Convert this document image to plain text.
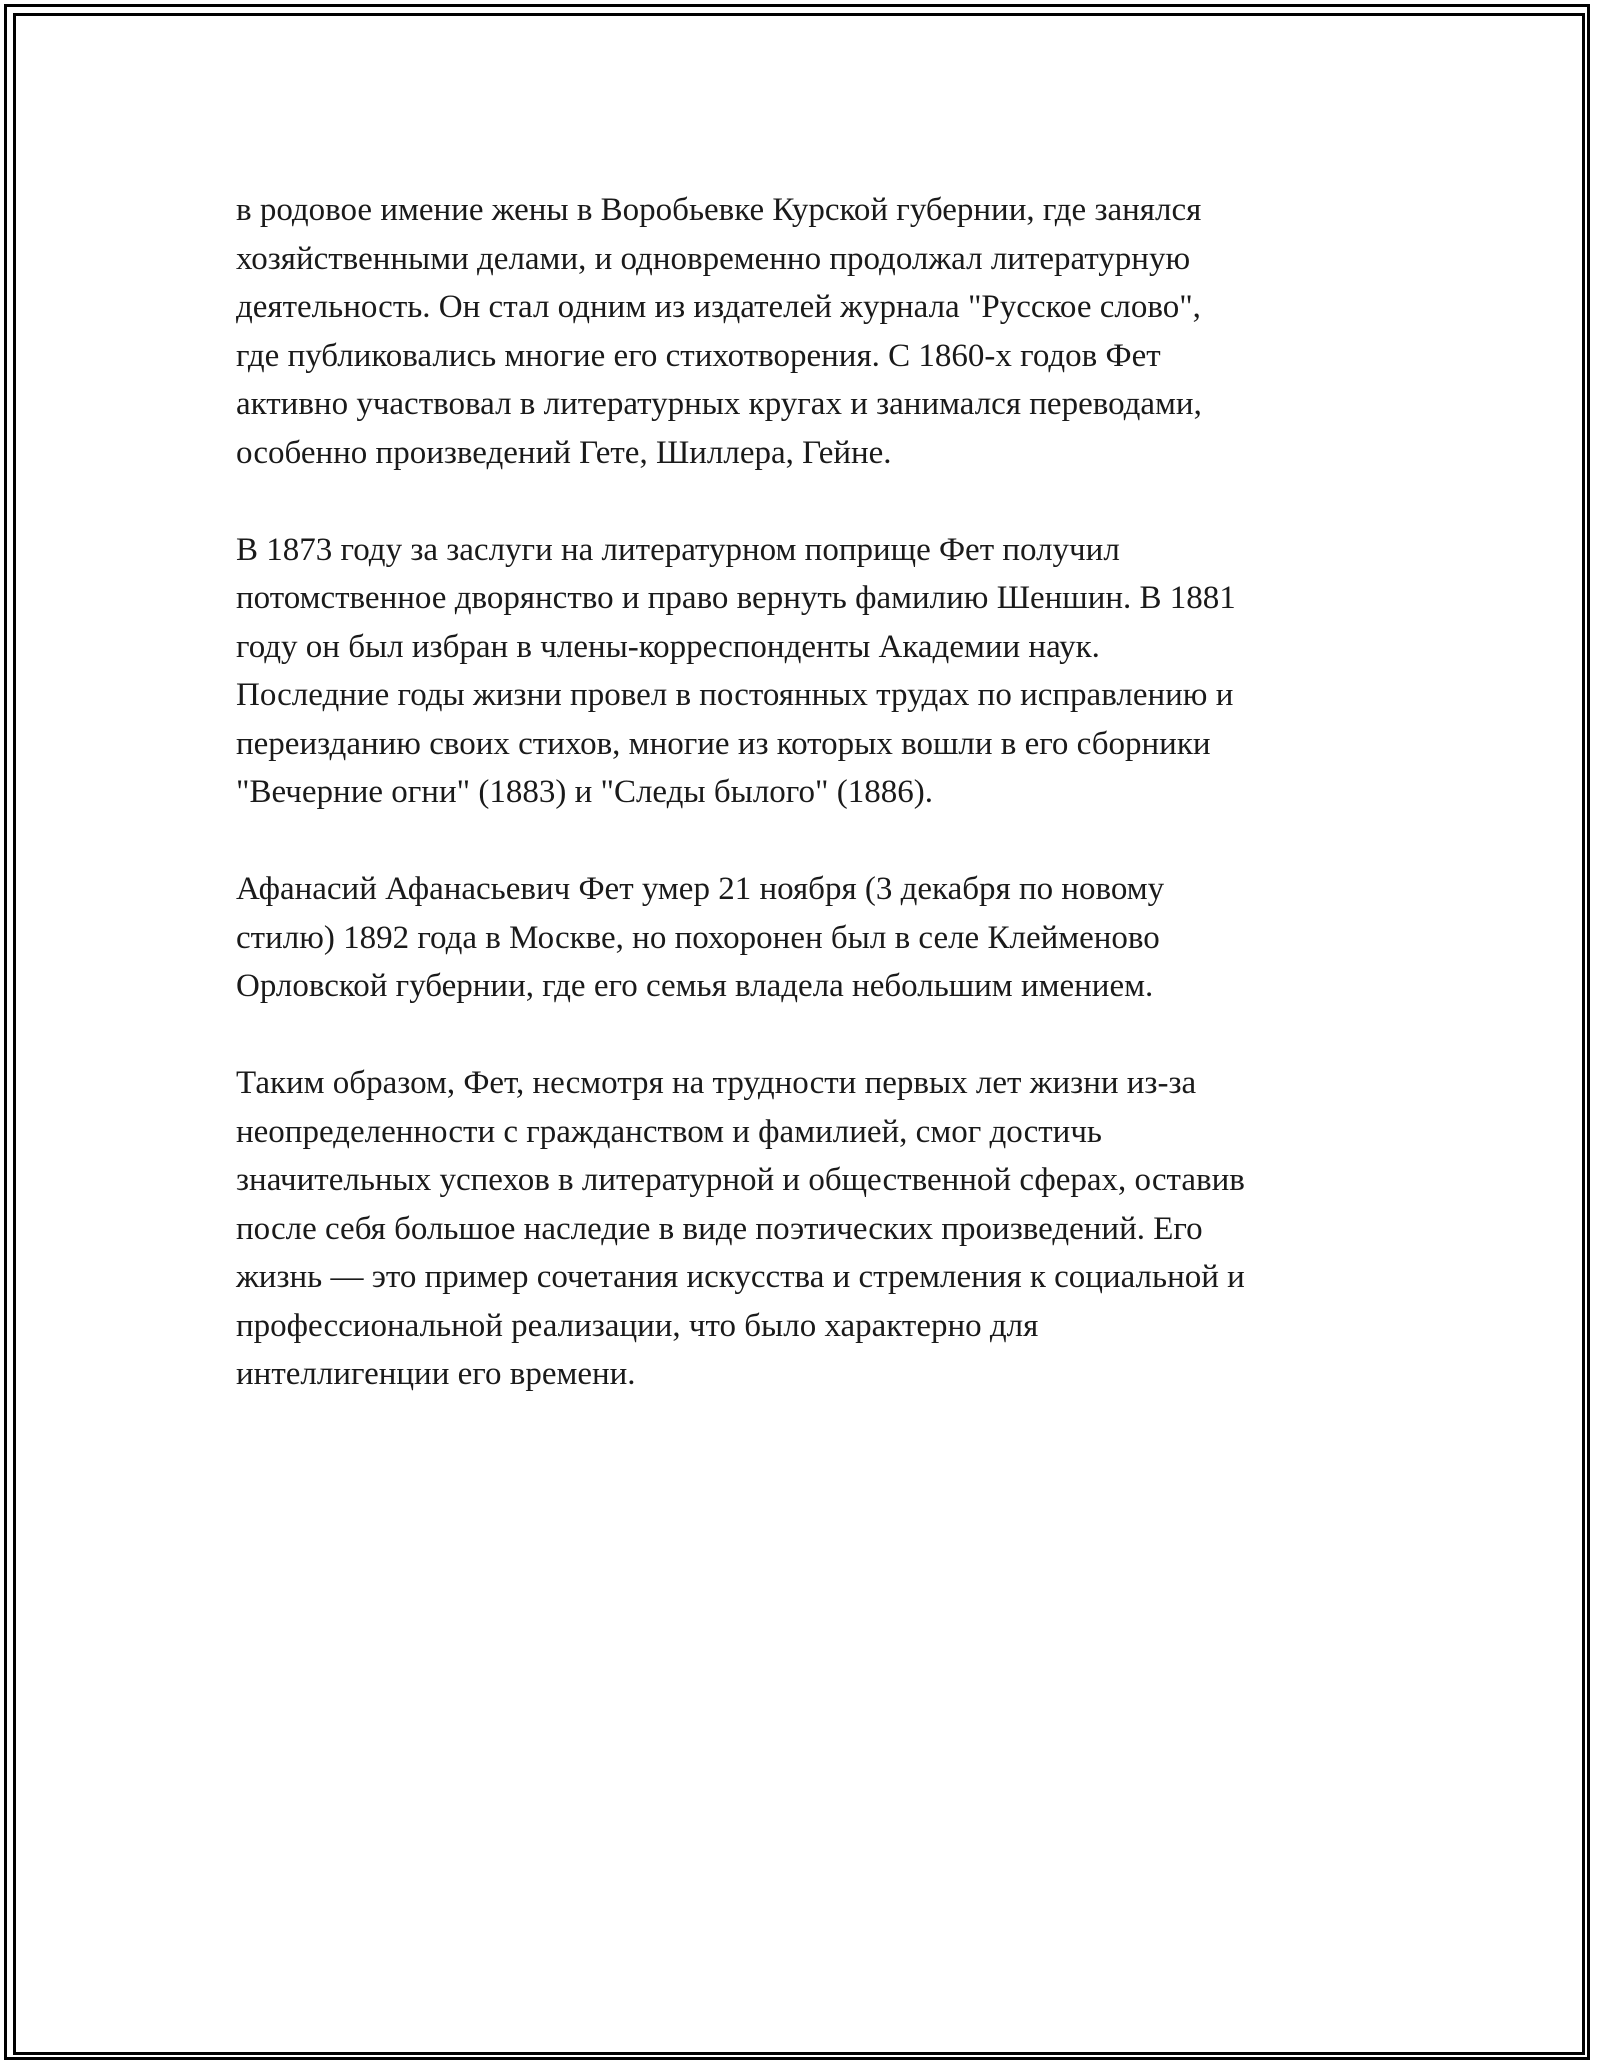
в родовое имение жены в Воробьевке Курской губернии, где занялся
хозяйственными делами, и одновременно продолжал литературную
деятельность. Он стал одним из издателей журнала "Русское слово",
где публиковались многие его стихотворения. С 1860-х годов Фет
активно участвовал в литературных кругах и занимался переводами,
особенно произведений Гете, Шиллера, Гейне.

В 1873 году за заслуги на литературном поприще Фет получил
потомственное дворянство и право вернуть фамилию Шеншин. В 1881
году он был избран в члены-корреспонденты Академии наук.
Последние годы жизни провел в постоянных трудах по исправлению и
переизданию своих стихов, многие из которых вошли в его сборники
"Вечерние огни" (1883) и "Следы былого" (1886).

Афанасий Афанасьевич Фет умер 21 ноября (3 декабря по новому
стилю) 1892 года в Москве, но похоронен был в селе Клейменово
Орловской губернии, где его семья владела небольшим имением.

Таким образом, Фет, несмотря на трудности первых лет жизни из-за
неопределенности с гражданством и фамилией, смог достичь
значительных успехов в литературной и общественной сферах, оставив
после себя большое наследие в виде поэтических произведений. Его
жизнь — это пример сочетания искусства и стремления к социальной и
профессиональной реализации, что было характерно для
интеллигенции его времени.
